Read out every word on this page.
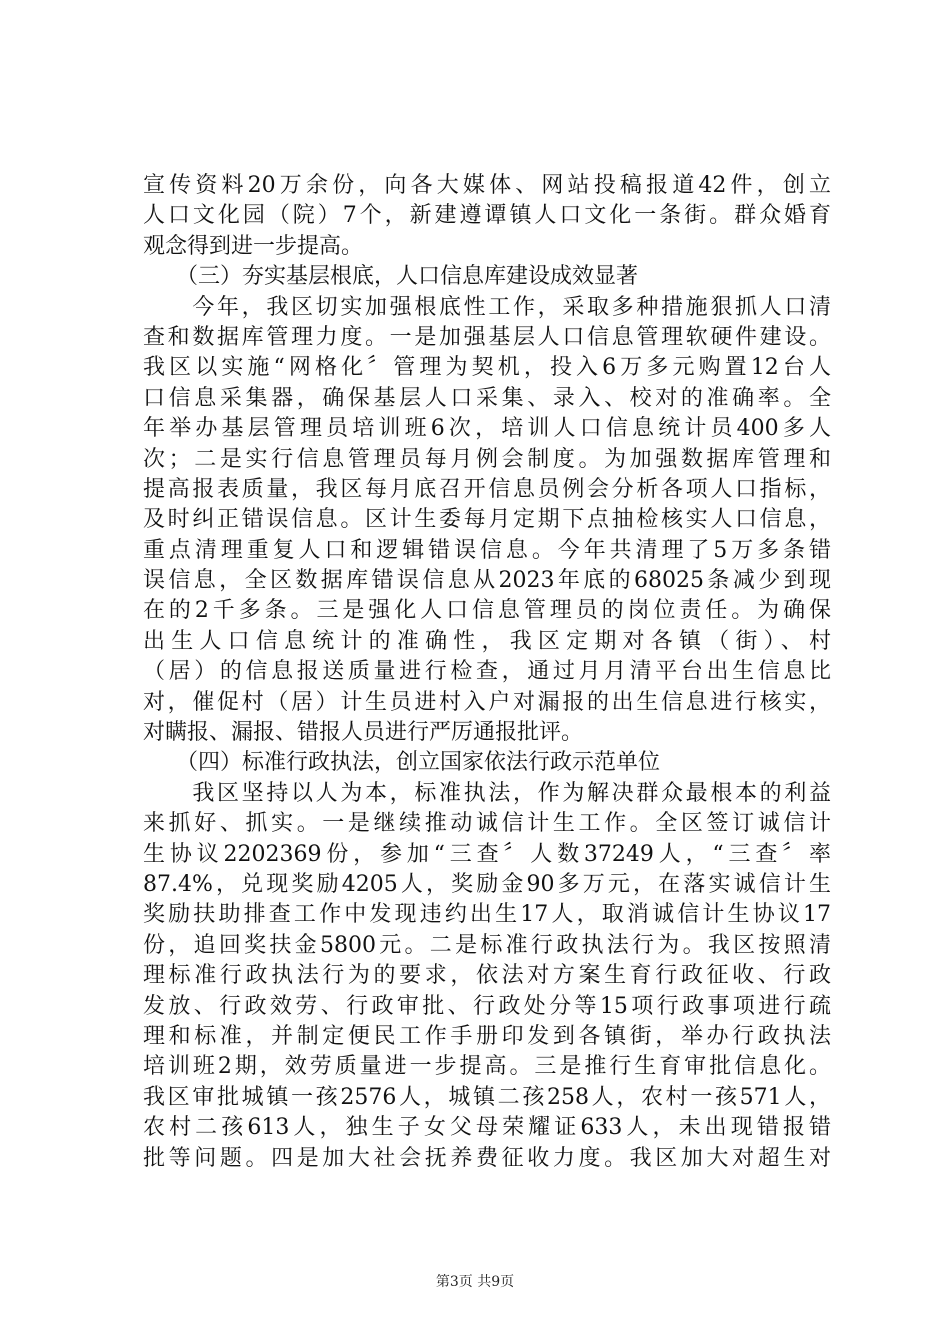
宣传资料20万余份，向各大媒体、网站投稿报道42件，创立
人口文化园（院）7个，新建遵谭镇人口文化一条街。群众婚育
观念得到进一步提高。
　　（三）夯实基层根底，人口信息库建设成效显著
　　今年，我区切实加强根底性工作，采取多种措施狠抓人口清
查和数据库管理力度。一是加强基层人口信息管理软硬件建设。
我区以实施“网格化〞管理为契机，投入6万多元购置12台人
口信息采集器，确保基层人口采集、录入、校对的准确率。全
年举办基层管理员培训班6次，培训人口信息统计员400多人
次；二是实行信息管理员每月例会制度。为加强数据库管理和
提高报表质量，我区每月底召开信息员例会分析各项人口指标，
及时纠正错误信息。区计生委每月定期下点抽检核实人口信息，
重点清理重复人口和逻辑错误信息。今年共清理了5万多条错
误信息，全区数据库错误信息从2023年底的68025条减少到现
在的2千多条。三是强化人口信息管理员的岗位责任。为确保
出生人口信息统计的准确性，我区定期对各镇（街）、村
（居）的信息报送质量进行检查，通过月月清平台出生信息比
对，催促村（居）计生员进村入户对漏报的出生信息进行核实，
对瞒报、漏报、错报人员进行严厉通报批评。
　　（四）标准行政执法，创立国家依法行政示范单位
　　我区坚持以人为本，标准执法，作为解决群众最根本的利益
来抓好、抓实。一是继续推动诚信计生工作。全区签订诚信计
生协议2202369份，参加“三查〞人数37249人，“三查〞率
87.4%，兑现奖励4205人，奖励金90多万元，在落实诚信计生
奖励扶助排查工作中发现违约出生17人，取消诚信计生协议17
份，追回奖扶金5800元。二是标准行政执法行为。我区按照清
理标准行政执法行为的要求，依法对方案生育行政征收、行政
发放、行政效劳、行政审批、行政处分等15项行政事项进行疏
理和标准，并制定便民工作手册印发到各镇街，举办行政执法
培训班2期，效劳质量进一步提高。三是推行生育审批信息化。
我区审批城镇一孩2576人，城镇二孩258人，农村一孩571人，
农村二孩613人，独生子女父母荣耀证633人，未出现错报错
批等问题。四是加大社会抚养费征收力度。我区加大对超生对
第3页 共9页
